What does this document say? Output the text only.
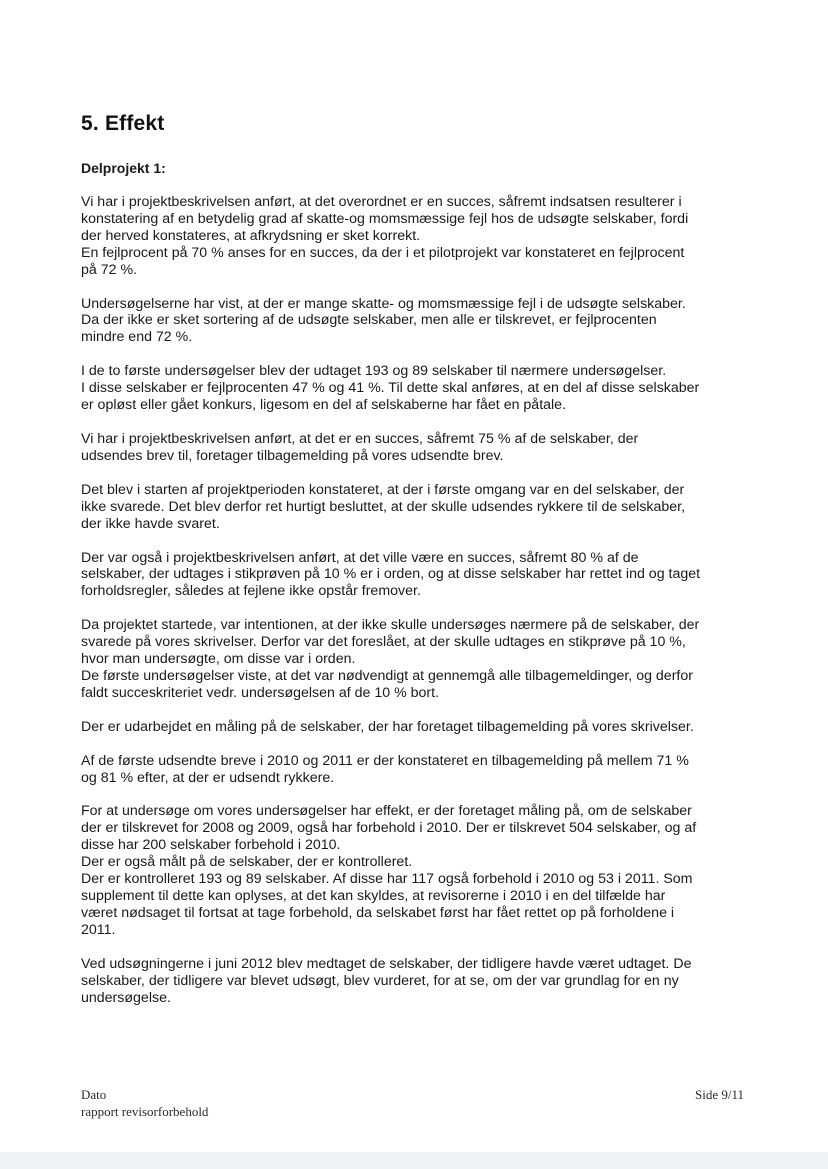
5. Effekt
Delprojekt 1:
Vi har i projektbeskrivelsen anført, at det overordnet er en succes, såfremt indsatsen resulterer i
konstatering af en betydelig grad af skatte-og momsmæssige fejl hos de udsøgte selskaber, fordi
der herved konstateres, at afkrydsning er sket korrekt.
En fejlprocent på 70 % anses for en succes, da der i et pilotprojekt var konstateret en fejlprocent
på 72 %.
Undersøgelserne har vist, at der er mange skatte- og momsmæssige fejl i de udsøgte selskaber.
Da der ikke er sket sortering af de udsøgte selskaber, men alle er tilskrevet, er fejlprocenten
mindre end 72 %.
I de to første undersøgelser blev der udtaget 193 og 89 selskaber til nærmere undersøgelser.
I disse selskaber er fejlprocenten 47 % og 41 %. Til dette skal anføres, at en del af disse selskaber
er opløst eller gået konkurs, ligesom en del af selskaberne har fået en påtale.
Vi har i projektbeskrivelsen anført, at det er en succes, såfremt 75 % af de selskaber, der
udsendes brev til, foretager tilbagemelding på vores udsendte brev.
Det blev i starten af projektperioden konstateret, at der i første omgang var en del selskaber, der
ikke svarede. Det blev derfor ret hurtigt besluttet, at der skulle udsendes rykkere til de selskaber,
der ikke havde svaret.
Der var også i projektbeskrivelsen anført, at det ville være en succes, såfremt 80 % af de
selskaber, der udtages i stikprøven på 10 % er i orden, og at disse selskaber har rettet ind og taget
forholdsregler, således at fejlene ikke opstår fremover.
Da projektet startede, var intentionen, at der ikke skulle undersøges nærmere på de selskaber, der
svarede på vores skrivelser. Derfor var det foreslået, at der skulle udtages en stikprøve på 10 %,
hvor man undersøgte, om disse var i orden.
De første undersøgelser viste, at det var nødvendigt at gennemgå alle tilbagemeldinger, og derfor
faldt succeskriteriet vedr. undersøgelsen af de 10 % bort.
Der er udarbejdet en måling på de selskaber, der har foretaget tilbagemelding på vores skrivelser.
Af de første udsendte breve i 2010 og 2011 er der konstateret en tilbagemelding på mellem 71 %
og 81 % efter, at der er udsendt rykkere.
For at undersøge om vores undersøgelser har effekt, er der foretaget måling på, om de selskaber
der er tilskrevet for 2008 og 2009, også har forbehold i 2010. Der er tilskrevet 504 selskaber, og af
disse har 200 selskaber forbehold i 2010.
Der er også målt på de selskaber, der er kontrolleret.
Der er kontrolleret 193 og 89 selskaber. Af disse har 117 også forbehold i 2010 og 53 i 2011. Som
supplement til dette kan oplyses, at det kan skyldes, at revisorerne i 2010 i en del tilfælde har
været nødsaget til fortsat at tage forbehold, da selskabet først har fået rettet op på forholdene i
2011.
Ved udsøgningerne i juni 2012 blev medtaget de selskaber, der tidligere havde været udtaget. De
selskaber, der tidligere var blevet udsøgt, blev vurderet, for at se, om der var grundlag for en ny
undersøgelse.
Dato
rapport revisorforbehold
Side 9/11
